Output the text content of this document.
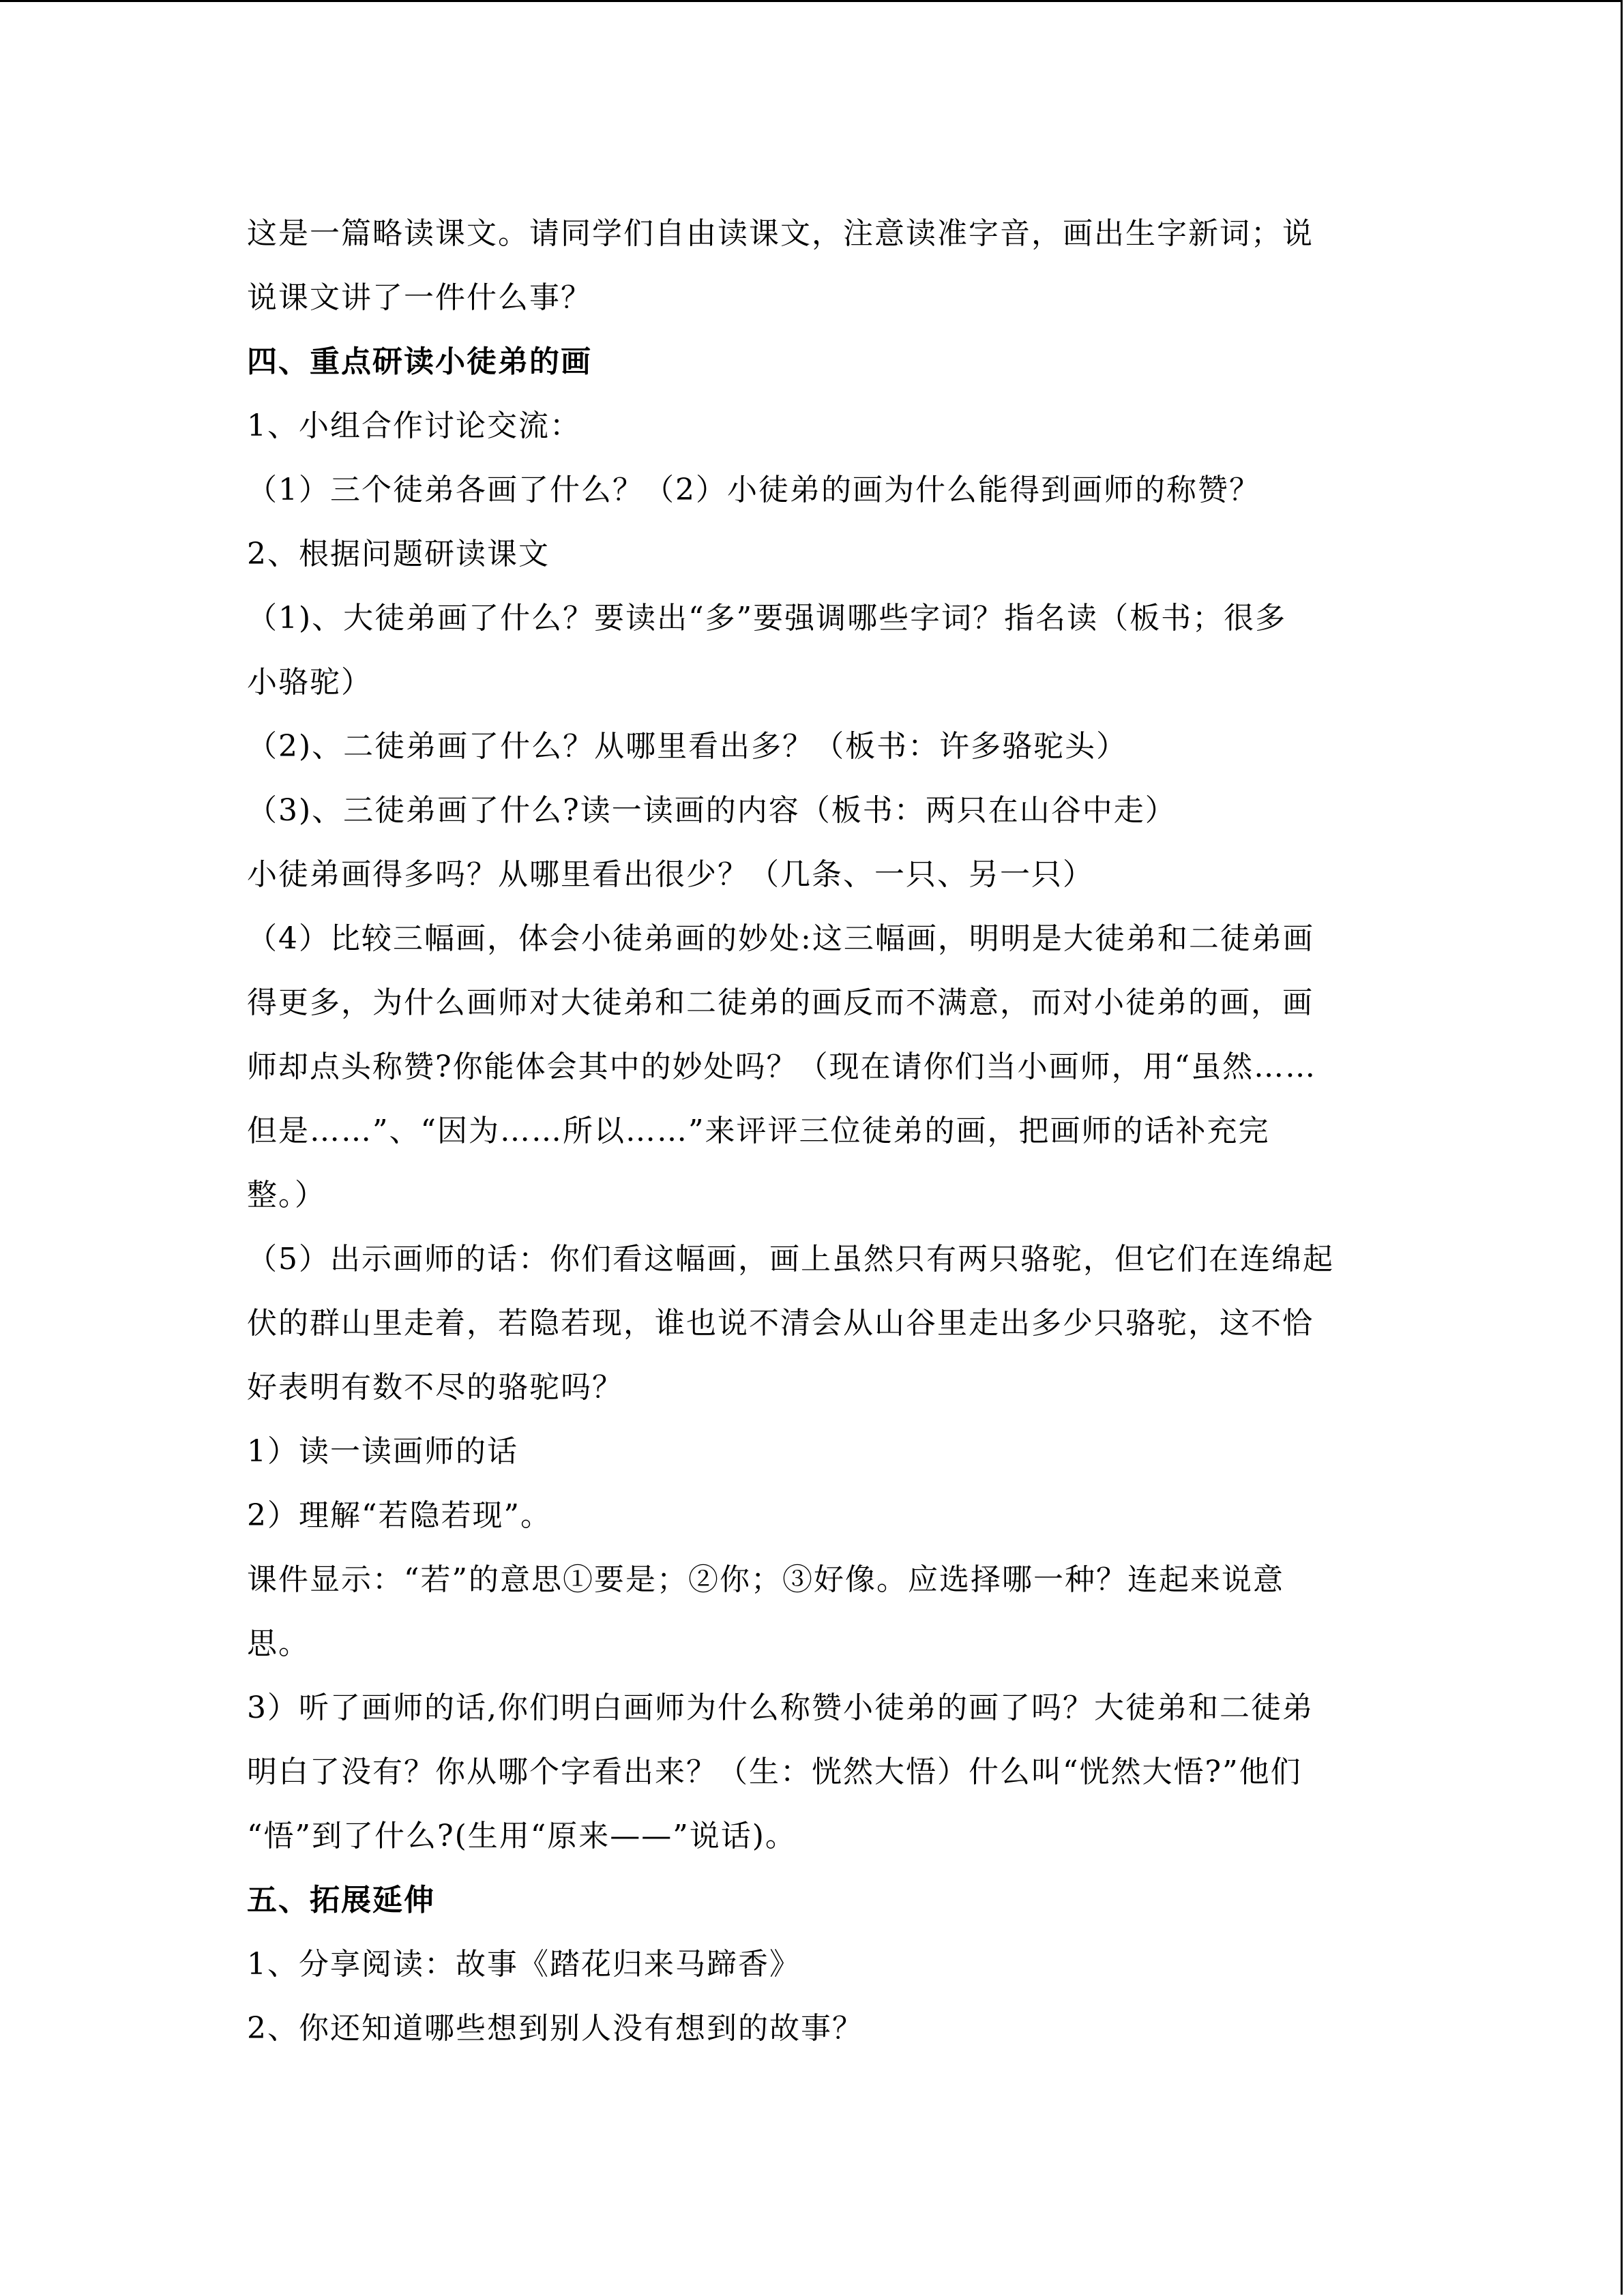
这是一篇略读课文。请同学们自由读课文，注意读准字音，画出生字新词；说
说课文讲了一件什么事？
四、重点研读小徒弟的画
1、小组合作讨论交流：
（1）三个徒弟各画了什么？（2）小徒弟的画为什么能得到画师的称赞？
2、根据问题研读课文
（1)、大徒弟画了什么？要读出“多”要强调哪些字词？指名读（板书；很多
小骆驼）
（2)、二徒弟画了什么？从哪里看出多？（板书：许多骆驼头）
（3)、三徒弟画了什么?读一读画的内容（板书：两只在山谷中走）
小徒弟画得多吗？从哪里看出很少？（几条、一只、另一只）
（4）比较三幅画，体会小徒弟画的妙处:这三幅画，明明是大徒弟和二徒弟画
得更多，为什么画师对大徒弟和二徒弟的画反而不满意，而对小徒弟的画，画
师却点头称赞?你能体会其中的妙处吗？（现在请你们当小画师，用“虽然……
但是……”、“因为……所以……”来评评三位徒弟的画，把画师的话补充完
整。）
（5）出示画师的话：你们看这幅画，画上虽然只有两只骆驼，但它们在连绵起
伏的群山里走着，若隐若现，谁也说不清会从山谷里走出多少只骆驼，这不恰
好表明有数不尽的骆驼吗？
1）读一读画师的话
2）理解“若隐若现”。
课件显示：“若”的意思①要是；②你；③好像。应选择哪一种？连起来说意
思。
3）听了画师的话,你们明白画师为什么称赞小徒弟的画了吗？大徒弟和二徒弟
明白了没有？你从哪个字看出来？（生：恍然大悟）什么叫“恍然大悟?”他们
“悟”到了什么?(生用“原来——”说话)。
五、拓展延伸
1、分享阅读：故事《踏花归来马蹄香》
2、你还知道哪些想到别人没有想到的故事？
